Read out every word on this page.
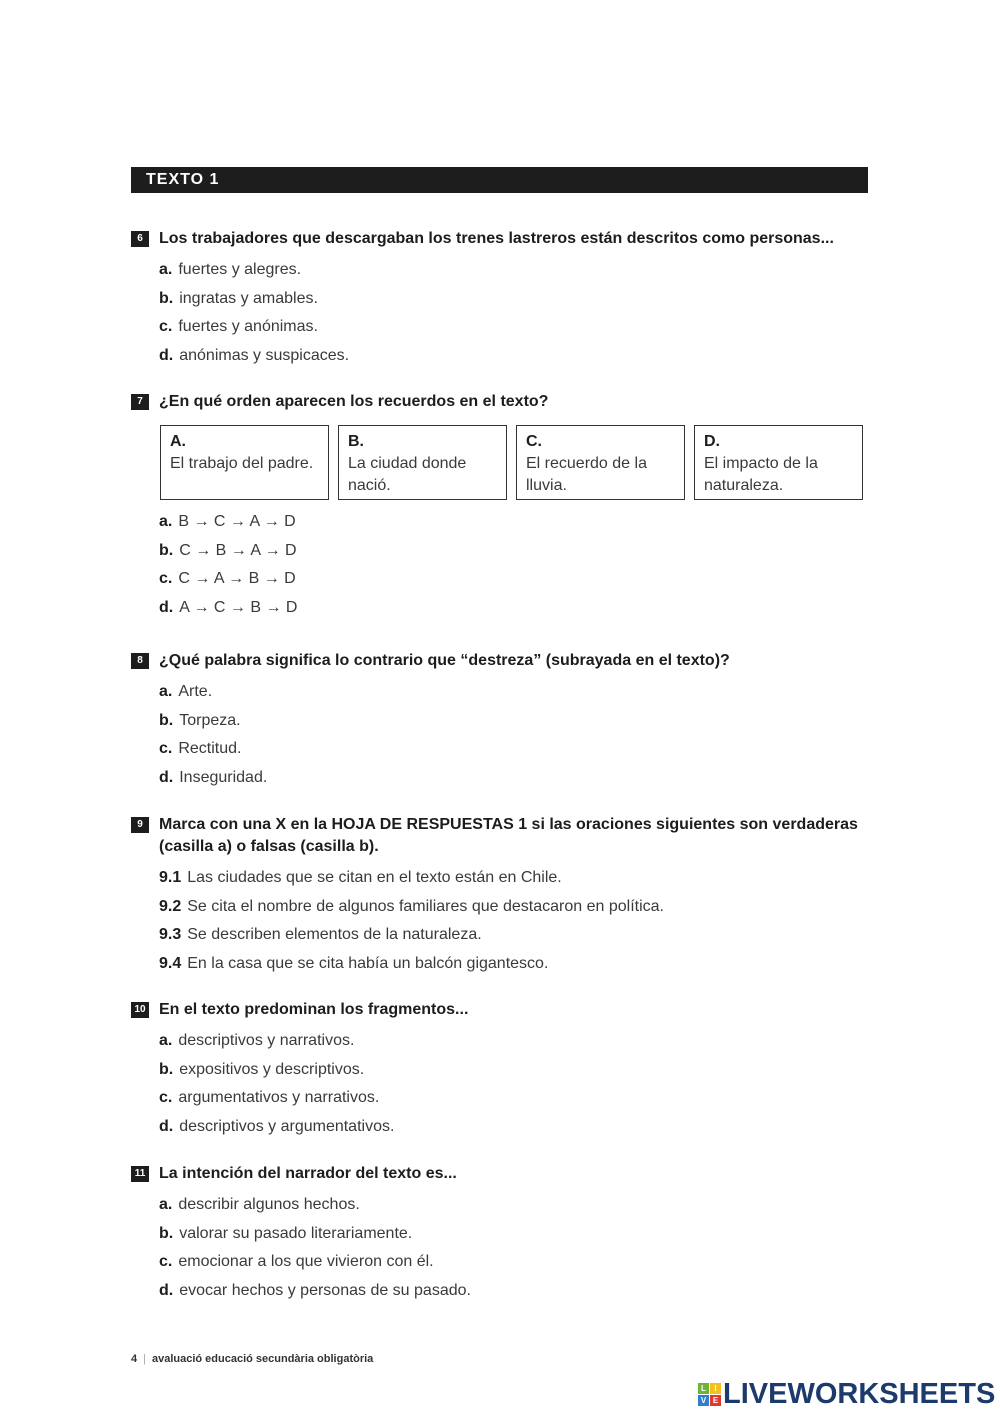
TEXTO 1
6	Los trabajadores que descargaban los trenes lastreros están descritos como personas...
a. fuertes y alegres.
b. ingratas y amables.
c. fuertes y anónimas.
d. anónimas y suspicaces.
7	¿En qué orden aparecen los recuerdos en el texto?
A.
El trabajo del padre.
B.
La ciudad donde nació.
C.
El recuerdo de la lluvia.
D.
El impacto de la naturaleza.
a. B → C → A → D
b. C → B → A → D
c. C → A → B → D
d. A → C → B → D
8	¿Qué palabra significa lo contrario que “destreza” (subrayada en el texto)?
a. Arte.
b. Torpeza.
c. Rectitud.
d. Inseguridad.
9	Marca con una X en la HOJA DE RESPUESTAS 1 si las oraciones siguientes son verdaderas (casilla a) o falsas (casilla b).
9.1 Las ciudades que se citan en el texto están en Chile.
9.2 Se cita el nombre de algunos familiares que destacaron en política.
9.3 Se describen elementos de la naturaleza.
9.4 En la casa que se cita había un balcón gigantesco.
10 En el texto predominan los fragmentos...
a. descriptivos y narrativos.
b. expositivos y descriptivos.
c. argumentativos y narrativos.
d. descriptivos y argumentativos.
11 La intención del narrador del texto es...
a. describir algunos hechos.
b. valorar su pasado literariamente.
c. emocionar a los que vivieron con él.
d. evocar hechos y personas de su pasado.
4 | avaluació educació secundària obligatòria
L	I
V E LIVEWORKSHEETS
